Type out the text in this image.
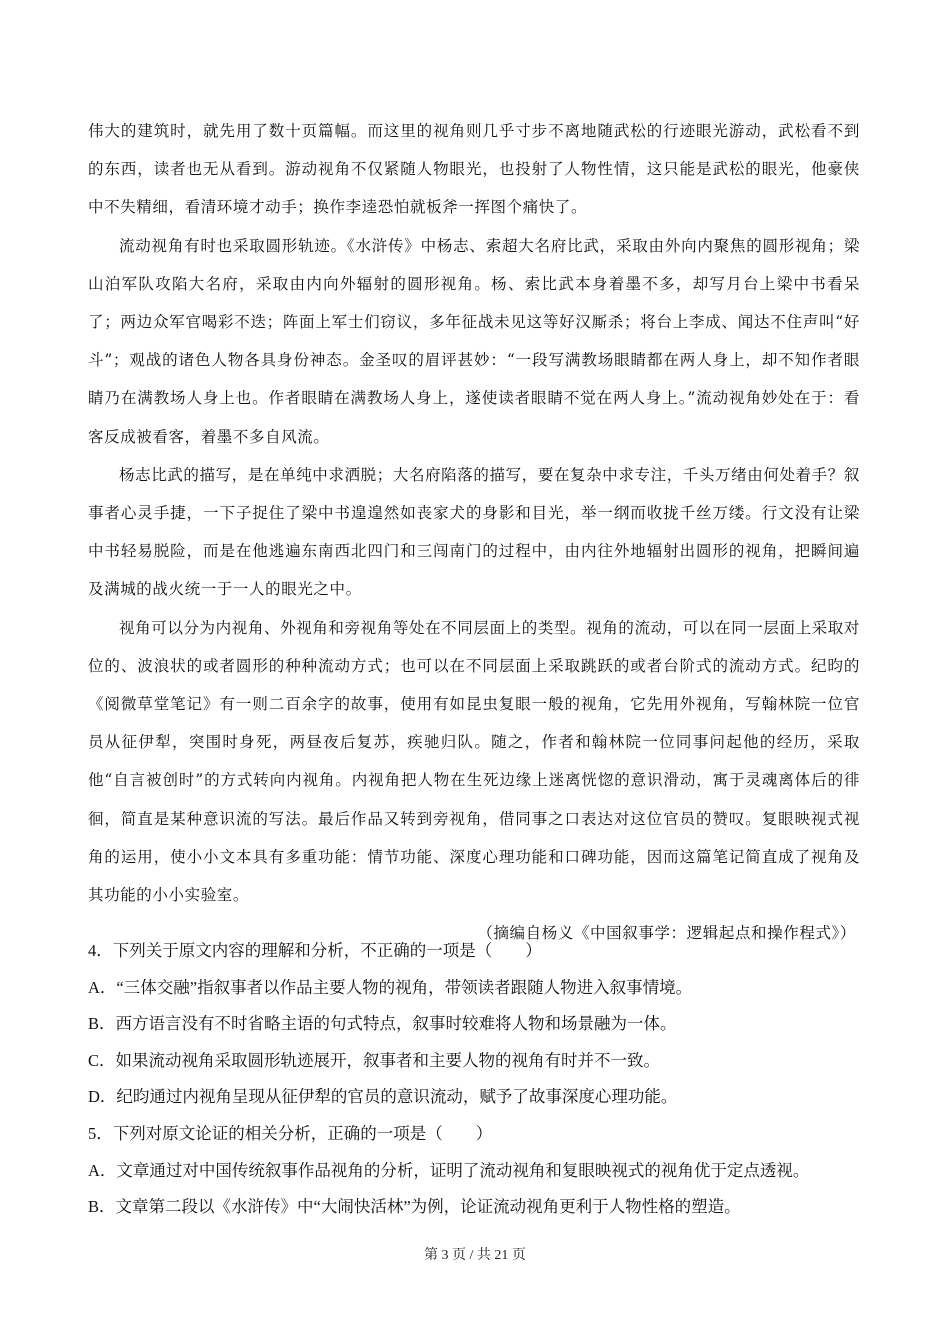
伟大的建筑时，就先用了数十页篇幅。而这里的视角则几乎寸步不离地随武松的行迹眼光游动，武松看不到的东西，读者也无从看到。游动视角不仅紧随人物眼光，也投射了人物性情，这只能是武松的眼光，他豪侠中不失精细，看清环境才动手；换作李逵恐怕就板斧一挥图个痛快了。

流动视角有时也采取圆形轨迹。《水浒传》中杨志、索超大名府比武，采取由外向内聚焦的圆形视角；梁山泊军队攻陷大名府，采取由内向外辐射的圆形视角。杨、索比武本身着墨不多，却写月台上梁中书看呆了；两边众军官喝彩不迭；阵面上军士们窃议，多年征战未见这等好汉厮杀；将台上李成、闻达不住声叫“好斗”；观战的诸色人物各具身份神态。金圣叹的眉评甚妙：“一段写满教场眼睛都在两人身上，却不知作者眼睛乃在满教场人身上也。作者眼睛在满教场人身上，遂使读者眼睛不觉在两人身上。”流动视角妙处在于：看客反成被看客，着墨不多自风流。

杨志比武的描写，是在单纯中求洒脱；大名府陷落的描写，要在复杂中求专注，千头万绪由何处着手？叙事者心灵手捷，一下子捉住了梁中书遑遑然如丧家犬的身影和目光，举一纲而收拢千丝万缕。行文没有让梁中书轻易脱险，而是在他逃遍东南西北四门和三闯南门的过程中，由内往外地辐射出圆形的视角，把瞬间遍及满城的战火统一于一人的眼光之中。

视角可以分为内视角、外视角和旁视角等处在不同层面上的类型。视角的流动，可以在同一层面上采取对位的、波浪状的或者圆形的种种流动方式；也可以在不同层面上采取跳跃的或者台阶式的流动方式。纪昀的《阅微草堂笔记》有一则二百余字的故事，使用有如昆虫复眼一般的视角，它先用外视角，写翰林院一位官员从征伊犁，突围时身死，两昼夜后复苏，疾驰归队。随之，作者和翰林院一位同事问起他的经历，采取他“自言被创时”的方式转向内视角。内视角把人物在生死边缘上迷离恍惚的意识滑动，寓于灵魂离体后的徘徊，简直是某种意识流的写法。最后作品又转到旁视角，借同事之口表达对这位官员的赞叹。复眼映视式视角的运用，使小小文本具有多重功能：情节功能、深度心理功能和口碑功能，因而这篇笔记简直成了视角及其功能的小小实验室。

（摘编自杨义《中国叙事学：逻辑起点和操作程式》）

4．下列关于原文内容的理解和分析，不正确的一项是（　　）

A．“三体交融”指叙事者以作品主要人物的视角，带领读者跟随人物进入叙事情境。

B．西方语言没有不时省略主语的句式特点，叙事时较难将人物和场景融为一体。

C．如果流动视角采取圆形轨迹展开，叙事者和主要人物的视角有时并不一致。

D．纪昀通过内视角呈现从征伊犁的官员的意识流动，赋予了故事深度心理功能。

5．下列对原文论证的相关分析，正确的一项是（　　）

A．文章通过对中国传统叙事作品视角的分析，证明了流动视角和复眼映视式的视角优于定点透视。

B．文章第二段以《水浒传》中“大闹快活林”为例，论证流动视角更利于人物性格的塑造。

第 3 页 / 共 21 页
